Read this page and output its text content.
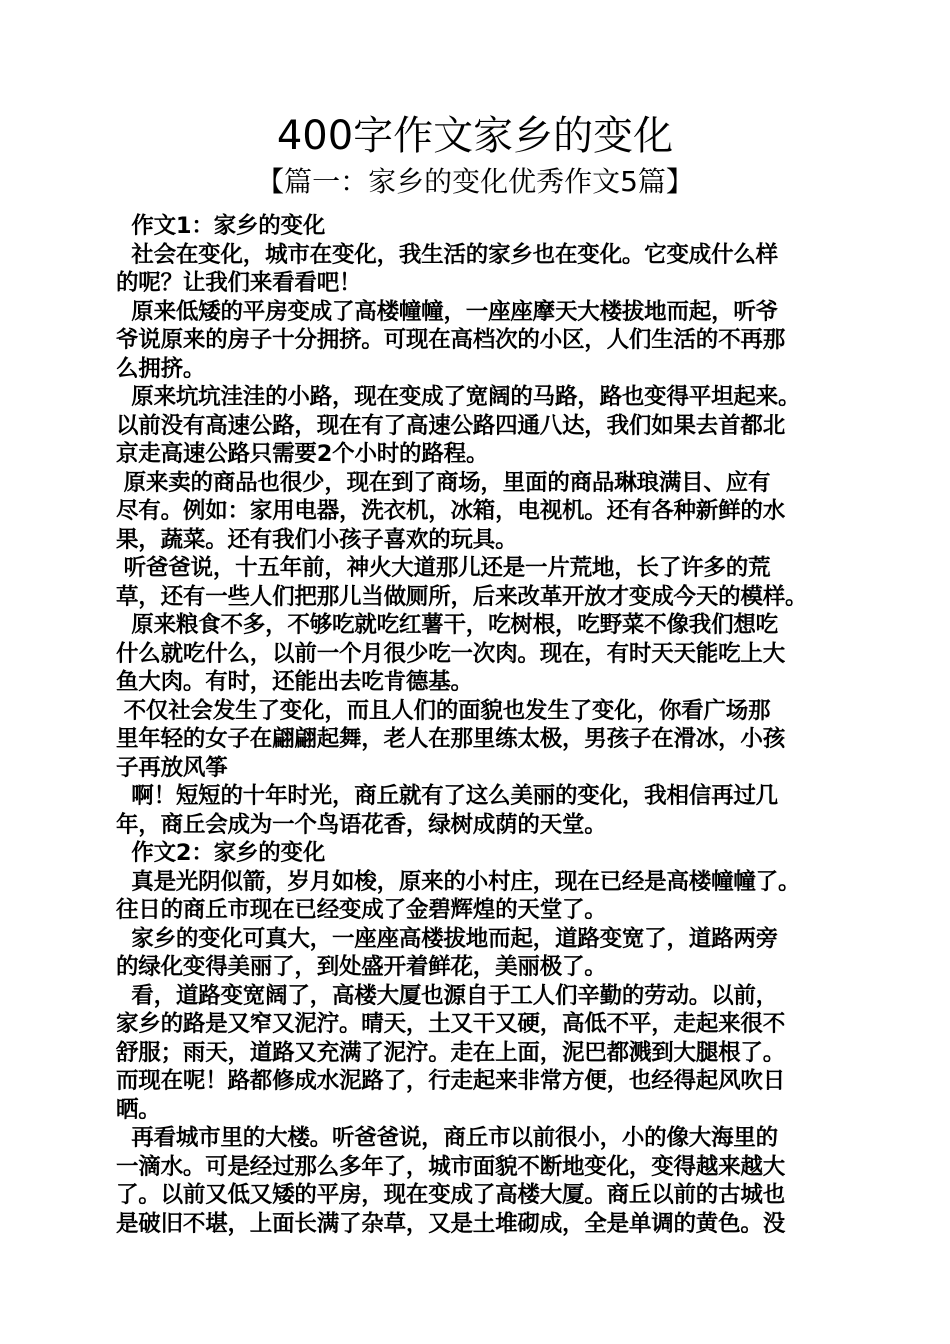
400字作文家乡的变化
【篇一：家乡的变化优秀作文5篇】
作文1：家乡的变化
社会在变化，城市在变化，我生活的家乡也在变化。它变成什么样
的呢？让我们来看看吧！
原来低矮的平房变成了高楼幢幢，一座座摩天大楼拔地而起，听爷
爷说原来的房子十分拥挤。可现在高档次的小区，人们生活的不再那
么拥挤。
原来坑坑洼洼的小路，现在变成了宽阔的马路，路也变得平坦起来。
以前没有高速公路，现在有了高速公路四通八达，我们如果去首都北
京走高速公路只需要2个小时的路程。
原来卖的商品也很少，现在到了商场，里面的商品琳琅满目、应有
尽有。例如：家用电器，洗衣机，冰箱，电视机。还有各种新鲜的水
果，蔬菜。还有我们小孩子喜欢的玩具。
听爸爸说，十五年前，神火大道那儿还是一片荒地，长了许多的荒
草，还有一些人们把那儿当做厕所，后来改革开放才变成今天的模样。
原来粮食不多，不够吃就吃红薯干，吃树根，吃野菜不像我们想吃
什么就吃什么，以前一个月很少吃一次肉。现在，有时天天能吃上大
鱼大肉。有时，还能出去吃肯德基。
不仅社会发生了变化，而且人们的面貌也发生了变化，你看广场那
里年轻的女子在翩翩起舞，老人在那里练太极，男孩子在滑冰，小孩
子再放风筝
啊！短短的十年时光，商丘就有了这么美丽的变化，我相信再过几
年，商丘会成为一个鸟语花香，绿树成荫的天堂。
作文2：家乡的变化
真是光阴似箭，岁月如梭，原来的小村庄，现在已经是高楼幢幢了。
往日的商丘市现在已经变成了金碧辉煌的天堂了。
家乡的变化可真大，一座座高楼拔地而起，道路变宽了，道路两旁
的绿化变得美丽了，到处盛开着鲜花，美丽极了。
看，道路变宽阔了，高楼大厦也源自于工人们辛勤的劳动。以前，
家乡的路是又窄又泥泞。晴天，土又干又硬，高低不平，走起来很不
舒服；雨天，道路又充满了泥泞。走在上面，泥巴都溅到大腿根了。
而现在呢！路都修成水泥路了，行走起来非常方便，也经得起风吹日
晒。
再看城市里的大楼。听爸爸说，商丘市以前很小，小的像大海里的
一滴水。可是经过那么多年了，城市面貌不断地变化，变得越来越大
了。以前又低又矮的平房，现在变成了高楼大厦。商丘以前的古城也
是破旧不堪，上面长满了杂草，又是土堆砌成，全是单调的黄色。没
